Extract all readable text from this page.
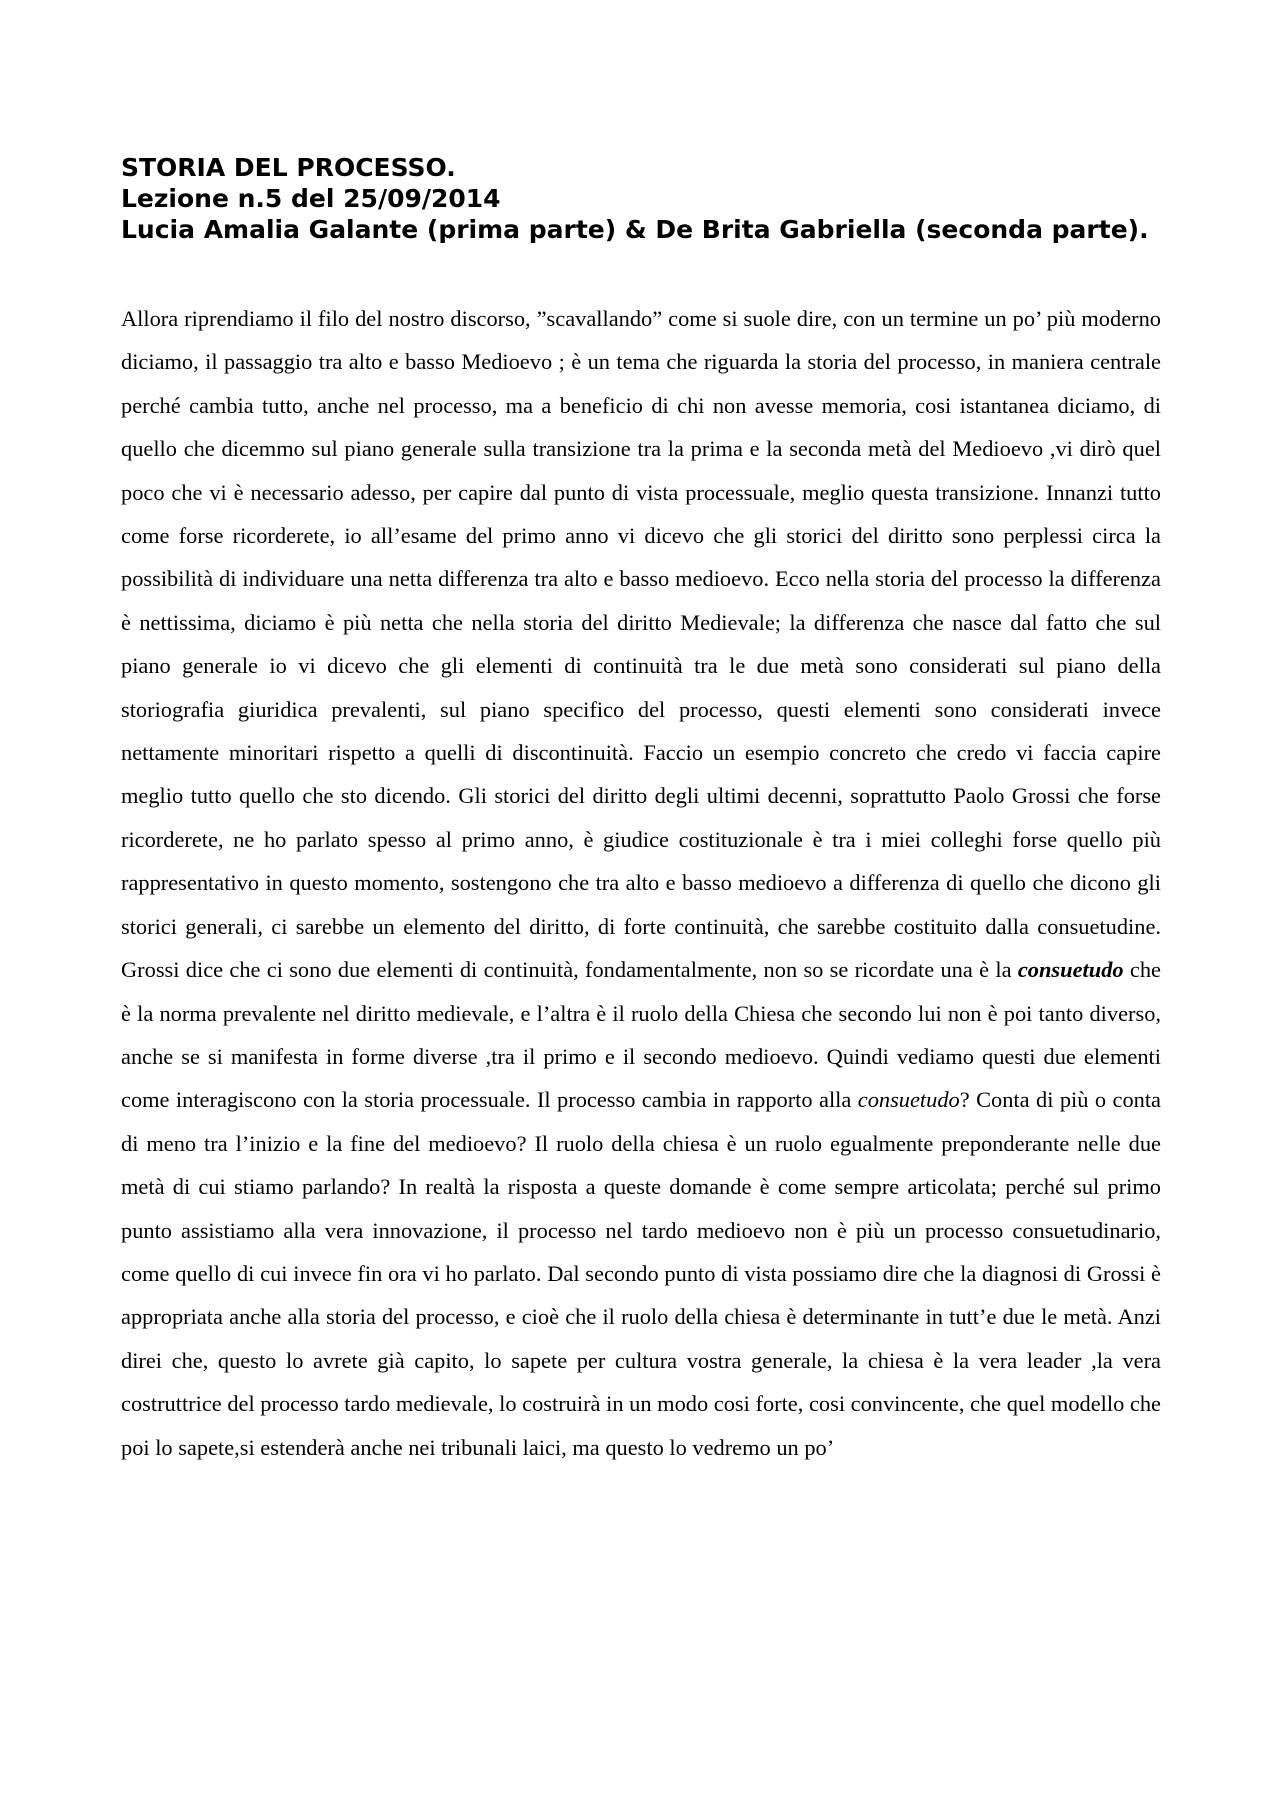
STORIA DEL PROCESSO.
Lezione n.5 del 25/09/2014
Lucia Amalia Galante (prima parte) & De Brita Gabriella (seconda parte).
Allora riprendiamo il filo del nostro discorso, ”scavallando” come si suole dire, con un termine un po’ più moderno diciamo, il passaggio tra alto e basso Medioevo ; è un tema che riguarda la storia del processo, in maniera centrale perché cambia tutto, anche nel processo, ma a beneficio di chi non avesse memoria, cosi istantanea diciamo, di quello che dicemmo sul piano generale sulla transizione tra la prima e la seconda metà del Medioevo ,vi dirò quel poco che vi è necessario adesso, per capire dal punto di vista processuale, meglio questa transizione. Innanzi tutto come forse ricorderete, io all’esame del primo anno vi dicevo che gli storici del diritto sono perplessi circa la possibilità di individuare una netta differenza tra alto e basso medioevo. Ecco nella storia del processo la differenza è nettissima, diciamo è più netta che nella storia del diritto Medievale; la differenza che nasce dal fatto che sul piano generale io vi dicevo che gli elementi di continuità tra le due metà sono considerati sul piano della storiografia giuridica prevalenti, sul piano specifico del processo, questi elementi sono considerati invece nettamente minoritari rispetto a quelli di discontinuità. Faccio un esempio concreto che credo vi faccia capire meglio tutto quello che sto dicendo. Gli storici del diritto degli ultimi decenni, soprattutto Paolo Grossi che forse ricorderete, ne ho parlato spesso al primo anno, è giudice costituzionale è tra i miei colleghi forse quello più rappresentativo in questo momento, sostengono che tra alto e basso medioevo a differenza di quello che dicono gli storici generali, ci sarebbe un elemento del diritto, di forte continuità, che sarebbe costituito dalla consuetudine. Grossi dice che ci sono due elementi di continuità, fondamentalmente, non so se ricordate una è la consuetudo che è la norma prevalente nel diritto medievale, e l’altra è il ruolo della Chiesa che secondo lui non è poi tanto diverso, anche se si manifesta in forme diverse ,tra il primo e il secondo medioevo. Quindi vediamo questi due elementi come interagiscono con la storia processuale. Il processo cambia in rapporto alla consuetudo? Conta di più o conta di meno tra l’inizio e la fine del medioevo? Il ruolo della chiesa è un ruolo egualmente preponderante nelle due metà di cui stiamo parlando? In realtà la risposta a queste domande è come sempre articolata; perché sul primo punto assistiamo alla vera innovazione, il processo nel tardo medioevo non è più un processo consuetudinario, come quello di cui invece fin ora vi ho parlato. Dal secondo punto di vista possiamo dire che la diagnosi di Grossi è appropriata anche alla storia del processo, e cioè che il ruolo della chiesa è determinante in tutt’e due le metà. Anzi direi che, questo lo avrete già capito, lo sapete per cultura vostra generale, la chiesa è la vera leader ,la vera costruttrice del processo tardo medievale, lo costruirà in un modo cosi forte, cosi convincente, che quel modello che poi lo sapete,si estenderà anche nei tribunali laici, ma questo lo vedremo un po’
